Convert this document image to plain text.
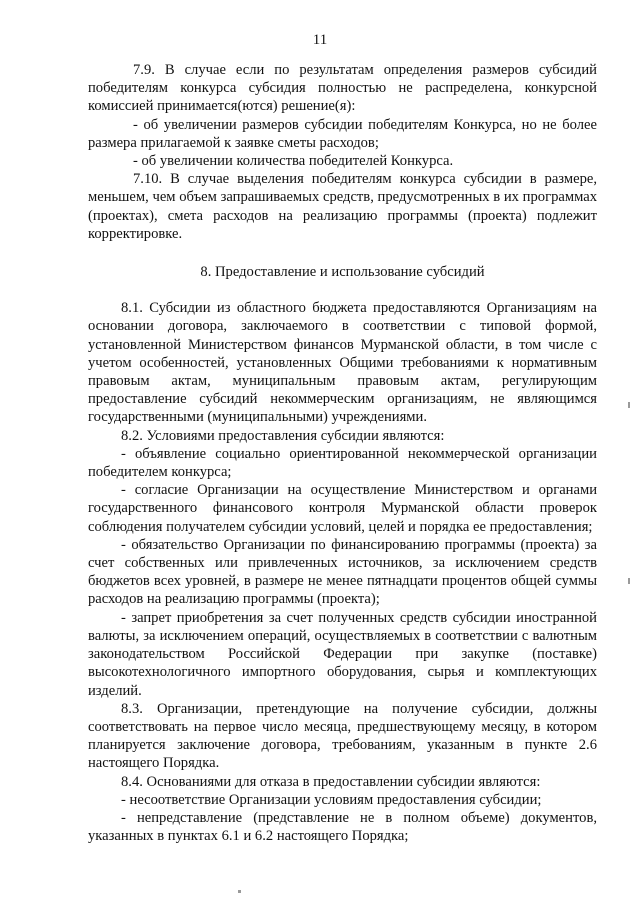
11

7.9. В случае если по результатам определения размеров субсидий победителям конкурса субсидия полностью не распределена, конкурсной комиссией принимается(ются) решение(я):

- об увеличении размеров субсидии победителям Конкурса, но не более размера прилагаемой к заявке сметы расходов;

- об увеличении количества победителей Конкурса.

7.10. В случае выделения победителям конкурса субсидии в размере, меньшем, чем объем запрашиваемых средств, предусмотренных в их программах (проектах), смета расходов на реализацию программы (проекта) подлежит корректировке.

8. Предоставление и использование субсидий

8.1. Субсидии из областного бюджета предоставляются Организациям на основании договора, заключаемого в соответствии с типовой формой, установленной Министерством финансов Мурманской области, в том числе с учетом особенностей, установленных Общими требованиями к нормативным правовым актам, муниципальным правовым актам, регулирующим предоставление субсидий некоммерческим организациям, не являющимся государственными (муниципальными) учреждениями.

8.2. Условиями предоставления субсидии являются:

- объявление социально ориентированной некоммерческой организации победителем конкурса;

- согласие Организации на осуществление Министерством и органами государственного финансового контроля Мурманской области проверок соблюдения получателем субсидии условий, целей и порядка ее предоставления;

- обязательство Организации по финансированию программы (проекта) за счет собственных или привлеченных источников, за исключением средств бюджетов всех уровней, в размере не менее пятнадцати процентов общей суммы расходов на реализацию программы (проекта);

- запрет приобретения за счет полученных средств субсидии иностранной валюты, за исключением операций, осуществляемых в соответствии с валютным законодательством Российской Федерации при закупке (поставке) высокотехнологичного импортного оборудования, сырья и комплектующих изделий.

8.3. Организации, претендующие на получение субсидии, должны соответствовать на первое число месяца, предшествующему месяцу, в котором планируется заключение договора, требованиям, указанным в пункте 2.6 настоящего Порядка.

8.4. Основаниями для отказа в предоставлении субсидии являются:

- несоответствие Организации условиям предоставления субсидии;

- непредставление (представление не в полном объеме) документов, указанных в пунктах 6.1 и 6.2 настоящего Порядка;
